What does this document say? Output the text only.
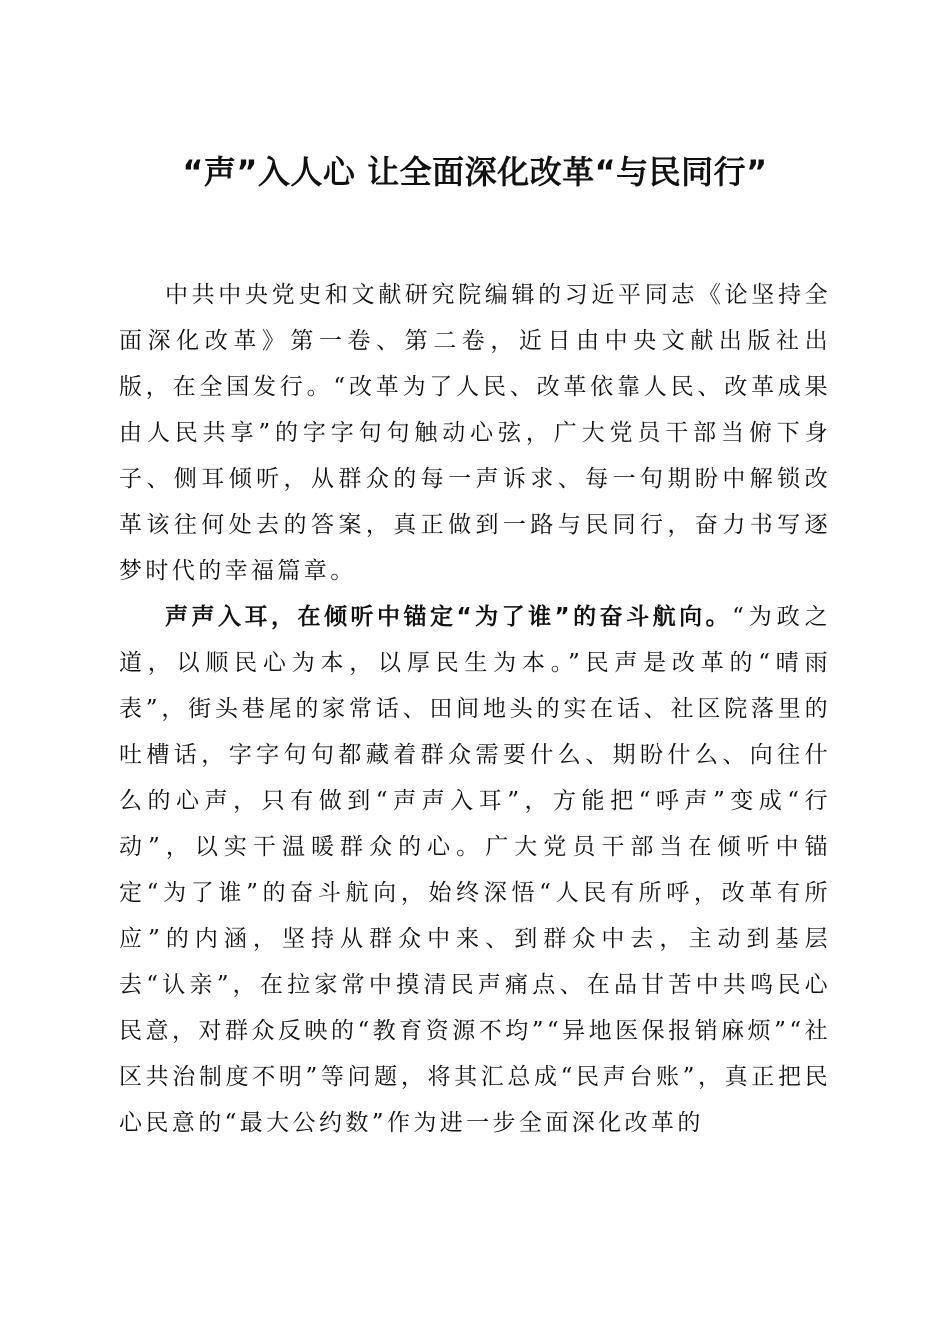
“声”入人心 让全面深化改革“与民同行”

中共中央党史和文献研究院编辑的习近平同志《论坚持全面深化改革》第一卷、第二卷，近日由中央文献出版社出版，在全国发行。“改革为了人民、改革依靠人民、改革成果由人民共享”的字字句句触动心弦，广大党员干部当俯下身子、侧耳倾听，从群众的每一声诉求、每一句期盼中解锁改革该往何处去的答案，真正做到一路与民同行，奋力书写逐梦时代的幸福篇章。

声声入耳，在倾听中锚定“为了谁”的奋斗航向。“为政之道，以顺民心为本，以厚民生为本。”民声是改革的“晴雨表”，街头巷尾的家常话、田间地头的实在话、社区院落里的吐槽话，字字句句都藏着群众需要什么、期盼什么、向往什么的心声，只有做到“声声入耳”，方能把“呼声”变成“行动”，以实干温暖群众的心。广大党员干部当在倾听中锚定“为了谁”的奋斗航向，始终深悟“人民有所呼，改革有所应”的内涵，坚持从群众中来、到群众中去，主动到基层去“认亲”，在拉家常中摸清民声痛点、在品甘苦中共鸣民心民意，对群众反映的“教育资源不均”“异地医保报销麻烦”“社区共治制度不明”等问题，将其汇总成“民声台账”，真正把民心民意的“最大公约数”作为进一步全面深化改革的
